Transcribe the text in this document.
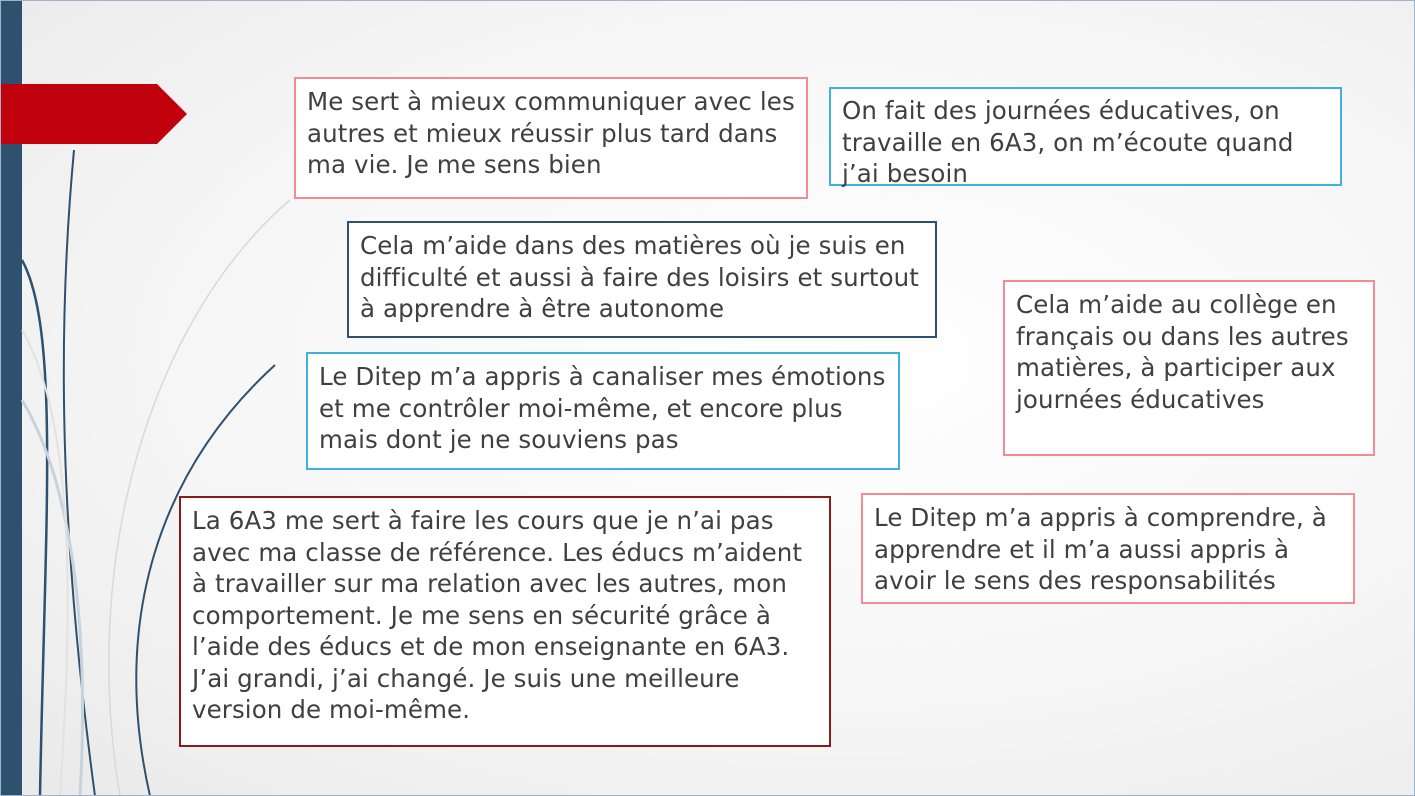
Me sert à mieux communiquer avec les autres et mieux réussir plus tard dans ma vie. Je me sens bien
On fait des journées éducatives, on travaille en 6A3, on m’écoute quand j’ai besoin
Cela m’aide dans des matières où je suis en difficulté et aussi à faire des loisirs et surtout à apprendre à être autonome	Cela m’aide au collège en français ou dans les autres matières, à participer aux journées éducatives
Le Ditep m’a appris à canaliser mes émotions et me contrôler moi-même, et encore plus mais dont je ne souviens pas
Le Ditep m’a appris à comprendre, à apprendre et il m’a aussi appris à avoir le sens des responsabilités
La 6A3 me sert à faire les cours que je n’ai pas avec ma classe de référence. Les éducs m’aident à travailler sur ma relation avec les autres, mon comportement. Je me sens en sécurité grâce à l’aide des éducs et de mon enseignante en 6A3. J’ai grandi, j’ai changé. Je suis une meilleure version de moi-même.
